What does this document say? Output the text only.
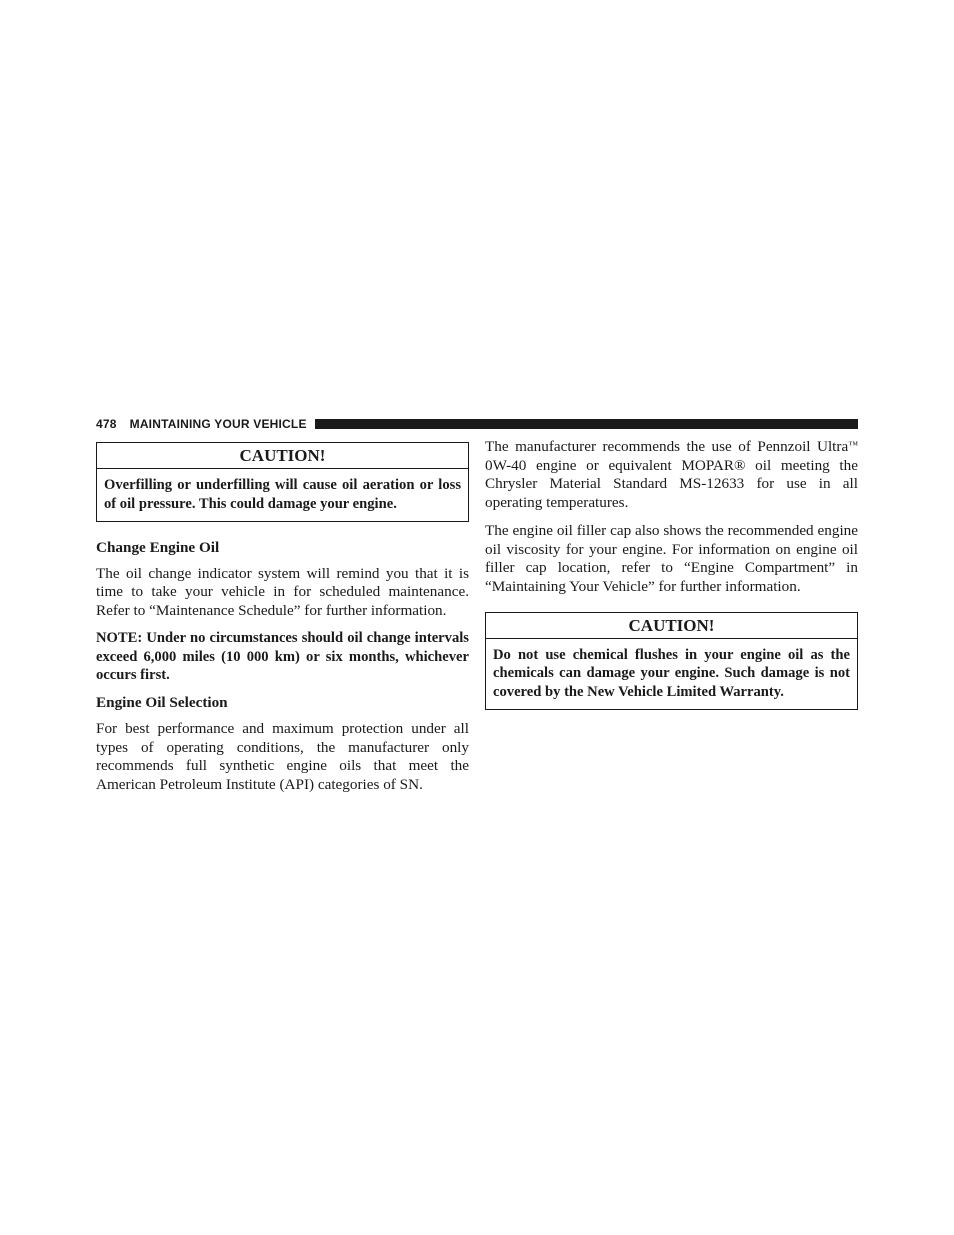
478 MAINTAINING YOUR VEHICLE
CAUTION!
Overfilling or underfilling will cause oil aeration or loss of oil pressure. This could damage your engine.
Change Engine Oil

The oil change indicator system will remind you that it is time to take your vehicle in for scheduled maintenance. Refer to “Maintenance Schedule” for further information.

NOTE: Under no circumstances should oil change intervals exceed 6,000 miles (10 000 km) or six months, whichever occurs first.

Engine Oil Selection

For best performance and maximum protection under all types of operating conditions, the manufacturer only recommends full synthetic engine oils that meet the American Petroleum Institute (API) categories of SN.

The manufacturer recommends the use of Pennzoil Ultra™ 0W-40 engine or equivalent MOPAR® oil meeting the Chrysler Material Standard MS-12633 for use in all operating temperatures.

The engine oil filler cap also shows the recommended engine oil viscosity for your engine. For information on engine oil filler cap location, refer to “Engine Compartment” in “Maintaining Your Vehicle” for further information.

CAUTION!
Do not use chemical flushes in your engine oil as the chemicals can damage your engine. Such damage is not covered by the New Vehicle Limited Warranty.
